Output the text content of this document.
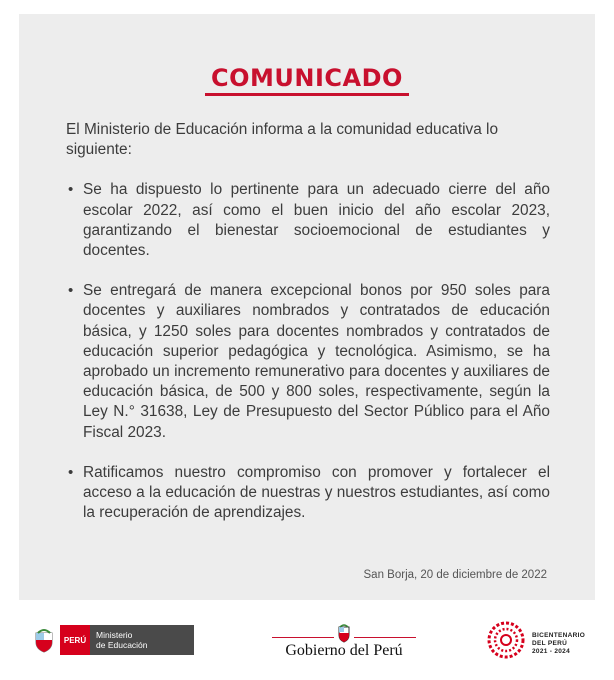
COMUNICADO

El Ministerio de Educación informa a la comunidad educativa lo siguiente:

• Se ha dispuesto lo pertinente para un adecuado cierre del año escolar 2022, así como el buen inicio del año escolar 2023, garantizando el bienestar socioemocional de estudiantes y docentes.
• Se entregará de manera excepcional bonos por 950 soles para docentes y auxiliares nombrados y contratados de educación básica, y 1250 soles para docentes nombrados y contratados de educación superior pedagógica y tecnológica. Asimismo, se ha aprobado un incremento remunerativo para docentes y auxiliares de educación básica, de 500 y 800 soles, respectivamente, según la Ley N.° 31638, Ley de Presupuesto del Sector Público para el Año Fiscal 2023.
• Ratificamos nuestro compromiso con promover y fortalecer el acceso a la educación de nuestras y nuestros estudiantes, así como la recuperación de aprendizajes.
San Borja, 20 de diciembre de 2022
PERÚ	Ministerio
de Educación	Gobierno del Perú
BICENTENARIO
DEL PERÚ
2021 - 2024
